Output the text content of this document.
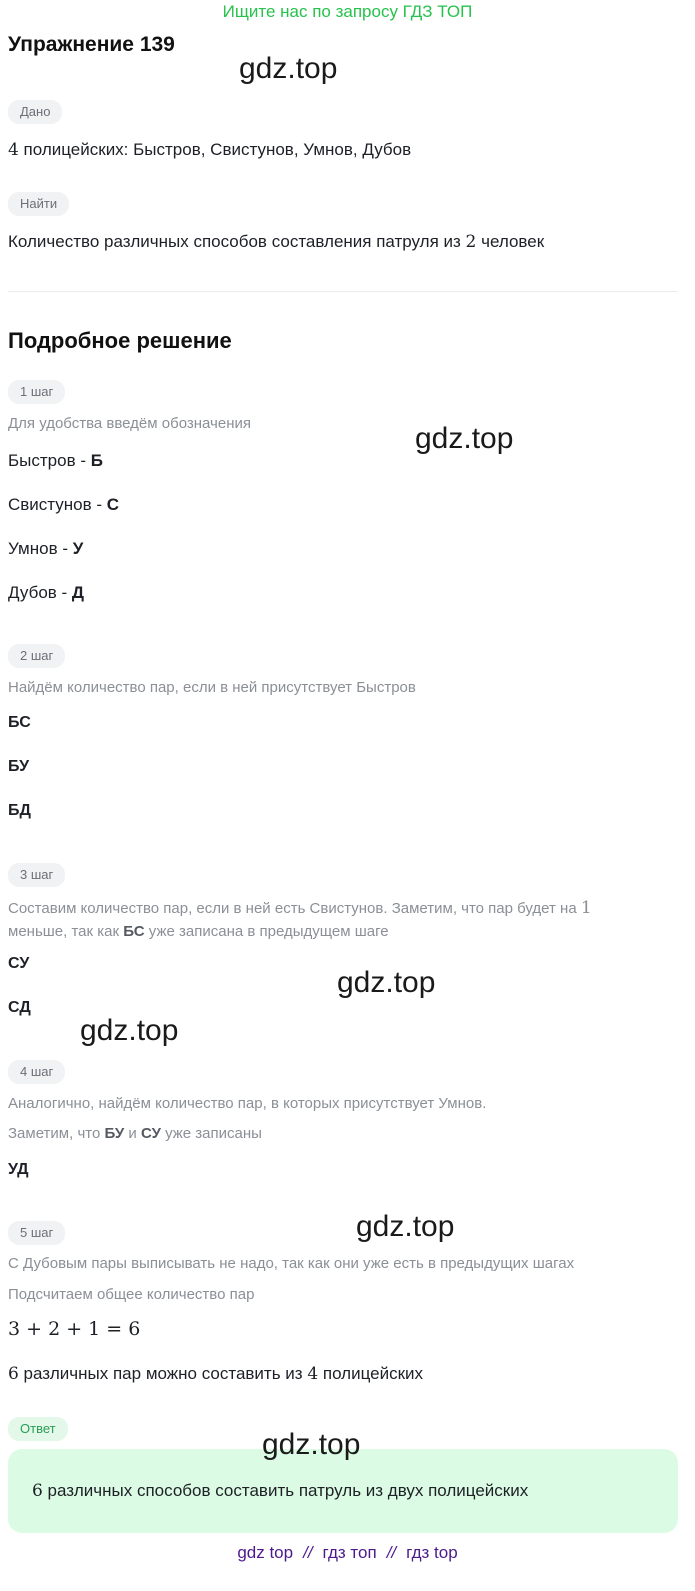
Ищите нас по запросу ГДЗ ТОП
Упражнение 139
Дано
4 полицейских: Быстров, Свистунов, Умнов, Дубов
Найти
Количество различных способов составления патруля из 2 человек
Подробное решение
1 шаг
Для удобства введём обозначения
Быстров - Б
Свистунов - С
Умнов - У
Дубов - Д
2 шаг
Найдём количество пар, если в ней присутствует Быстров
БС
БУ
БД
3 шаг
Составим количество пар, если в ней есть Свистунов. Заметим, что пар будет на 1
меньше, так как БС уже записана в предыдущем шаге
СУ
СД
4 шаг
Аналогично, найдём количество пар, в которых присутствует Умнов.
Заметим, что БУ и СУ уже записаны
УД
5 шаг
С Дубовым пары выписывать не надо, так как они уже есть в предыдущих шагах
Подсчитаем общее количество пар
3 + 2 + 1 = 6
6 различных пар можно составить из 4 полицейских
Ответ
6 различных способов составить патруль из двух полицейских
gdz.top
gdz.top
gdz.top
gdz.top
gdz.top
gdz.top
gdz top // гдз топ // гдз top
